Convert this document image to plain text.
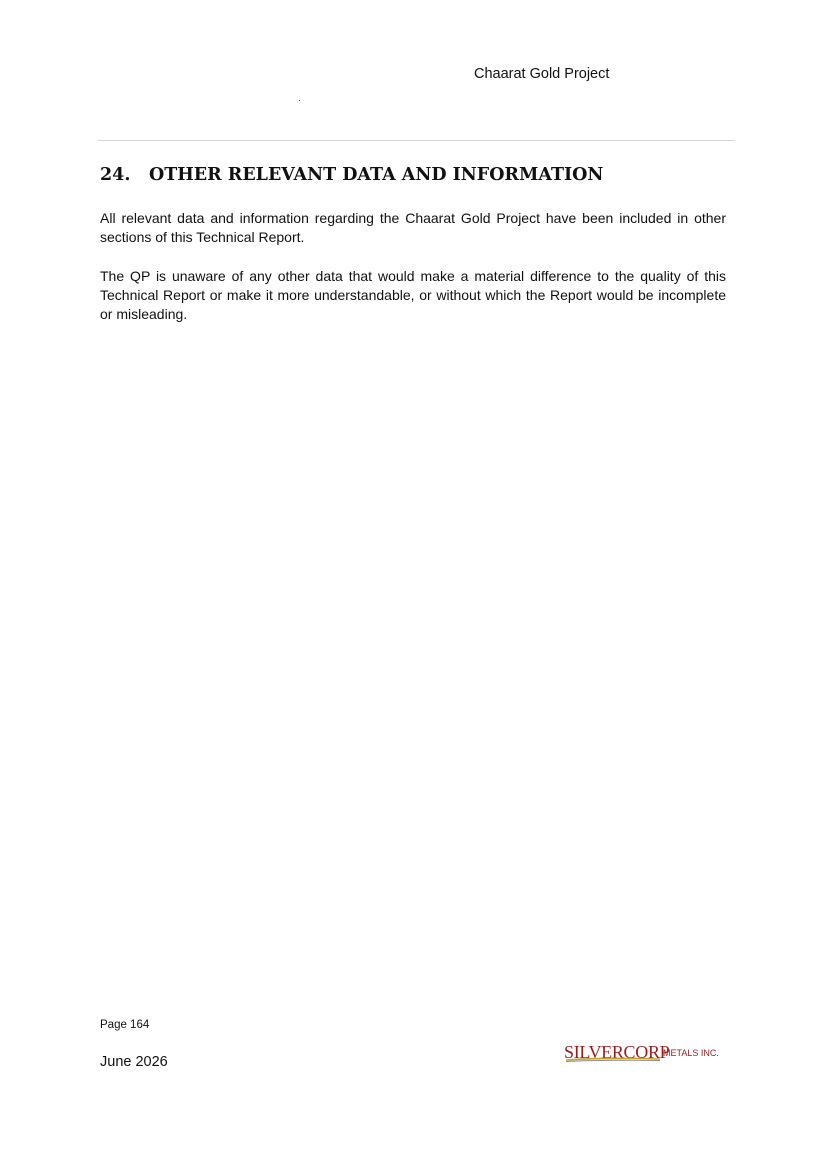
Chaarat Gold Project
24. OTHER RELEVANT DATA AND INFORMATION

All relevant data and information regarding the Chaarat Gold Project have been included in other sections of this Technical Report.

The QP is unaware of any other data that would make a material difference to the quality of this Technical Report or make it more understandable, or without which the Report would be incomplete or misleading.

Page 164
June 2026	SILVERCORP
METALS INC.
